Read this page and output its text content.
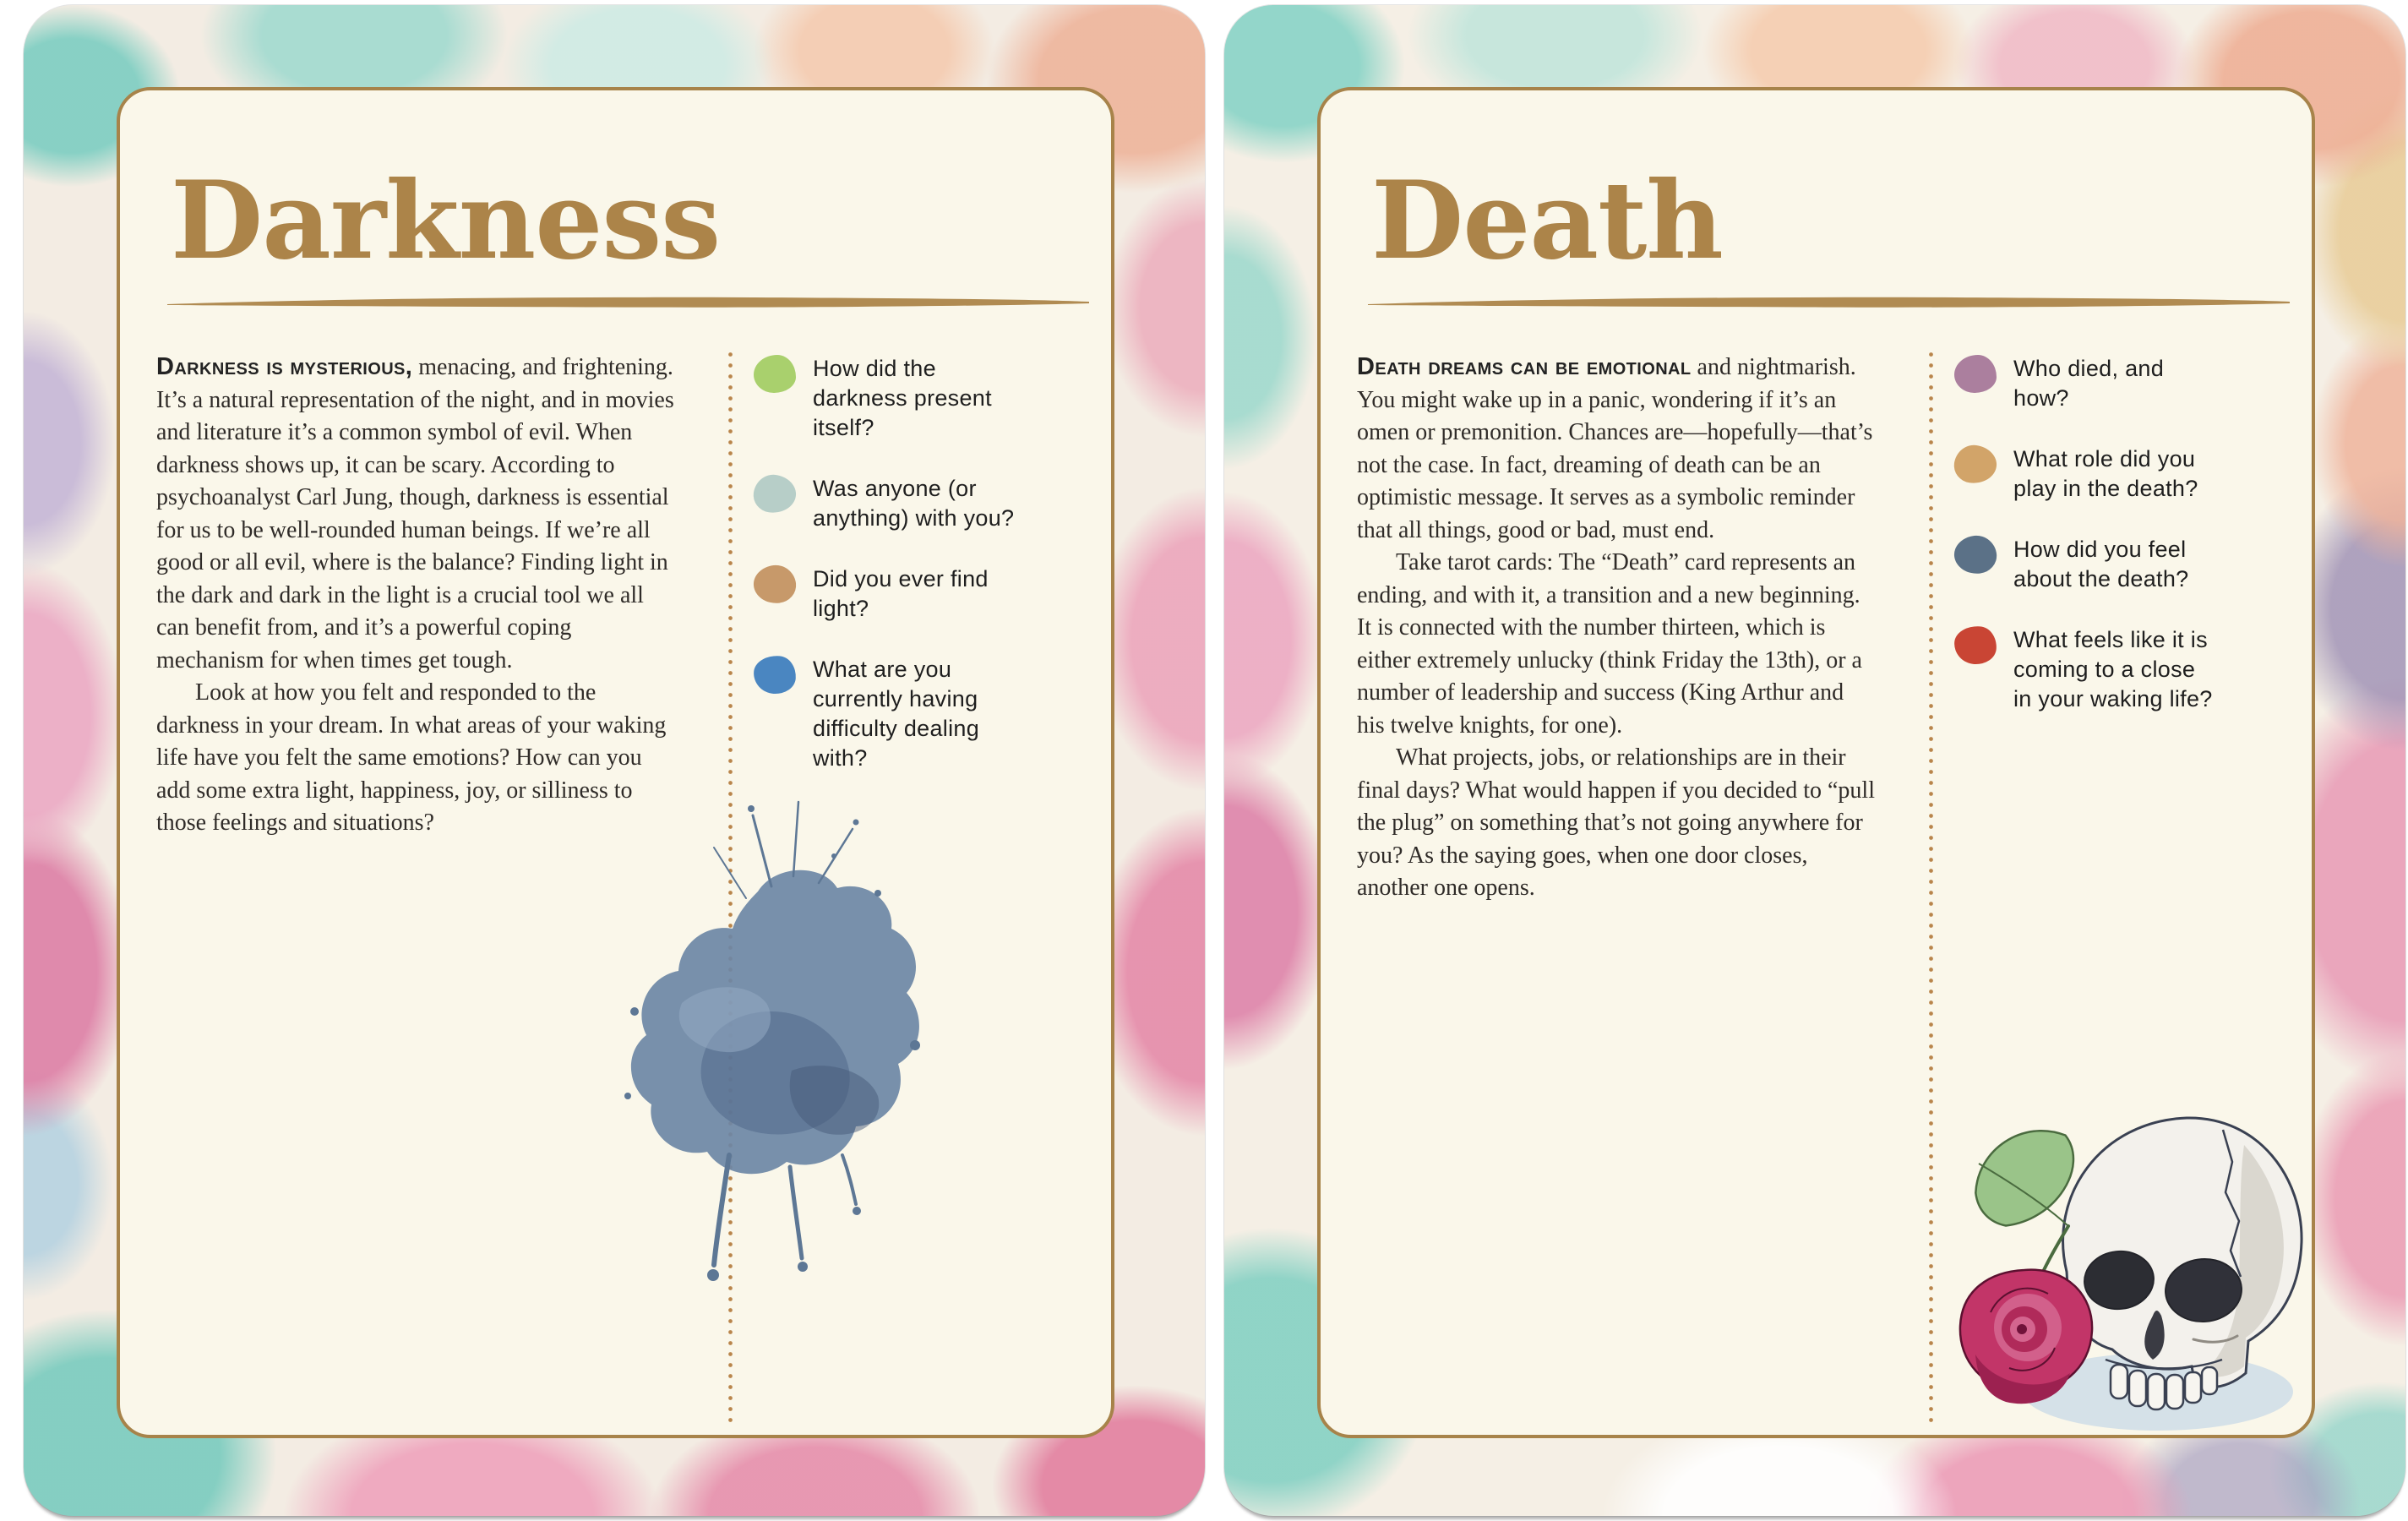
Darkness

Darkness is mysterious, menacing, and frightening. It’s a natural representation of the night, and in movies and literature it’s a common symbol of evil. When darkness shows up, it can be scary. According to psychoanalyst Carl Jung, though, darkness is essential for us to be well-rounded human beings. If we’re all good or all evil, where is the balance? Finding light in the dark and dark in the light is a crucial tool we all can benefit from, and it’s a powerful coping mechanism for when times get tough.

Look at how you felt and responded to the darkness in your dream. In what areas of your waking life have you felt the same emotions? How can you add some extra light, happiness, joy, or silliness to those feelings and situations?

How did the darkness present itself?
Was anyone (or anything) with you?
Did you ever find light?
What are you currently having difficulty dealing with?
Death

Death dreams can be emotional and nightmarish. You might wake up in a panic, wondering if it’s an omen or premonition. Chances are—hopefully—that’s not the case. In fact, dreaming of death can be an optimistic message. It serves as a symbolic reminder that all things, good or bad, must end.

Take tarot cards: The “Death” card represents an ending, and with it, a transition and a new beginning. It is connected with the number thirteen, which is either extremely unlucky (think Friday the 13th), or a number of leadership and success (King Arthur and his twelve knights, for one).

What projects, jobs, or relationships are in their final days? What would happen if you decided to “pull the plug” on something that’s not going anywhere for you? As the saying goes, when one door closes, another one opens.

Who died, and how?
What role did you play in the death?
How did you feel about the death?
What feels like it is coming to a close in your waking life?
